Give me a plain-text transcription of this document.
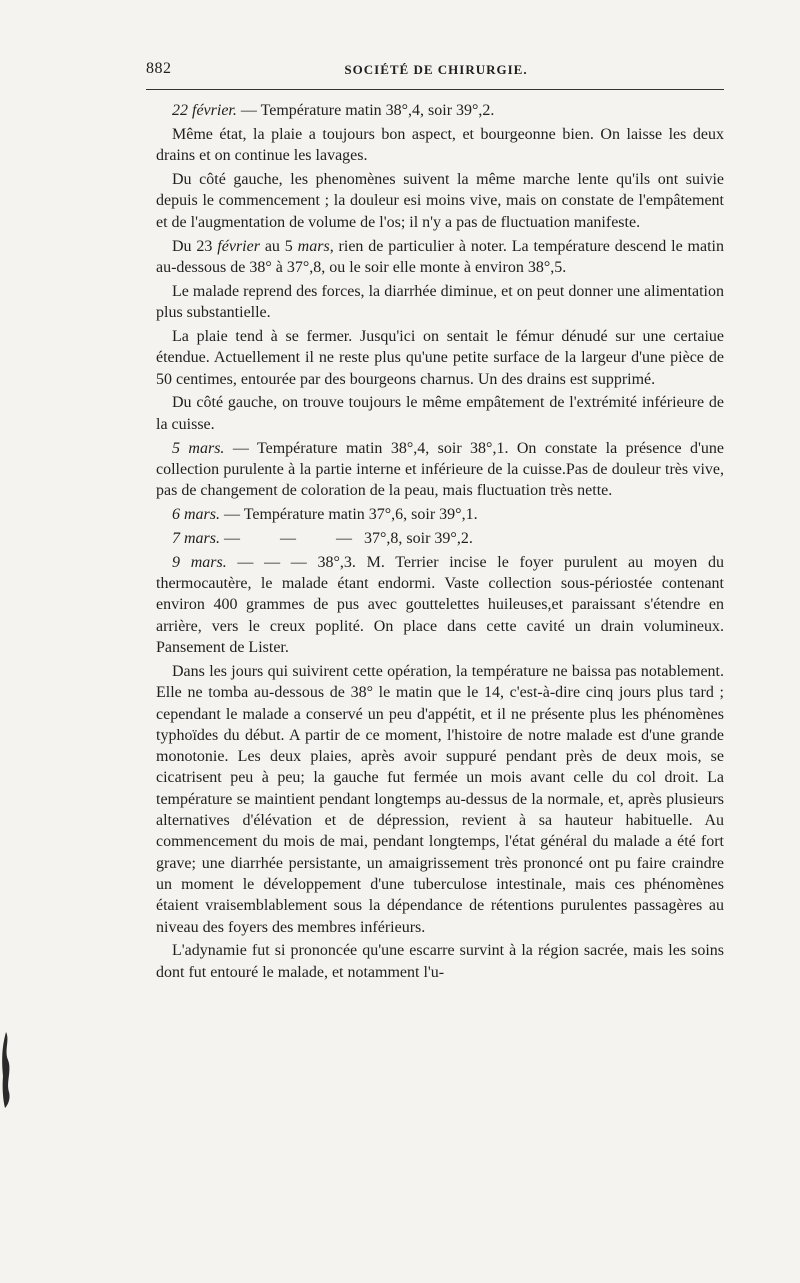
882	SOCIÉTÉ DE CHIRURGIE.

22 février. — Température matin 38°,4, soir 39°,2.

Même état, la plaie a toujours bon aspect, et bourgeonne bien. On laisse les deux drains et on continue les lavages.

Du côté gauche, les phenomènes suivent la même marche lente qu'ils ont suivie depuis le commencement ; la douleur esi moins vive, mais on constate de l'empâtement et de l'augmentation de volume de l'os; il n'y a pas de fluctuation manifeste.

Du 23 février au 5 mars, rien de particulier à noter. La température descend le matin au-dessous de 38° à 37°,8, ou le soir elle monte à environ 38°,5.

Le malade reprend des forces, la diarrhée diminue, et on peut donner une alimentation plus substantielle.

La plaie tend à se fermer. Jusqu'ici on sentait le fémur dénudé sur une certaiue étendue. Actuellement il ne reste plus qu'une petite surface de la largeur d'une pièce de 50 centimes, entourée par des bourgeons charnus. Un des drains est supprimé.

Du côté gauche, on trouve toujours le même empâtement de l'extrémité inférieure de la cuisse.

5 mars. — Température matin 38°,4, soir 38°,1. On constate la présence d'une collection purulente à la partie interne et inférieure de la cuisse.Pas de douleur très vive, pas de changement de coloration de la peau, mais fluctuation très nette.

6 mars. — Température matin 37°,6, soir 39°,1.

7 mars. —          —          —   37°,8, soir 39°,2.

9 mars. — — — 38°,3. M. Terrier incise le foyer purulent au moyen du thermocautère, le malade étant endormi. Vaste collection sous-périostée contenant environ 400 grammes de pus avec gouttelettes huileuses,et paraissant s'étendre en arrière, vers le creux poplité. On place dans cette cavité un drain volumineux. Pansement de Lister.

Dans les jours qui suivirent cette opération, la température ne baissa pas notablement. Elle ne tomba au-dessous de 38° le matin que le 14, c'est-à-dire cinq jours plus tard ; cependant le malade a conservé un peu d'appétit, et il ne présente plus les phénomènes typhoïdes du début. A partir de ce moment, l'histoire de notre malade est d'une grande monotonie. Les deux plaies, après avoir suppuré pendant près de deux mois, se cicatrisent peu à peu; la gauche fut fermée un mois avant celle du col droit. La température se maintient pendant longtemps au-dessus de la normale, et, après plusieurs alternatives d'élévation et de dépression, revient à sa hauteur habituelle. Au commencement du mois de mai, pendant longtemps, l'état général du malade a été fort grave; une diarrhée persistante, un amaigrissement très prononcé ont pu faire craindre un moment le développement d'une tuberculose intestinale, mais ces phénomènes étaient vraisemblablement sous la dépendance de rétentions purulentes passagères au niveau des foyers des membres inférieurs.

L'adynamie fut si prononcée qu'une escarre survint à la région sacrée, mais les soins dont fut entouré le malade, et notamment l'u-
